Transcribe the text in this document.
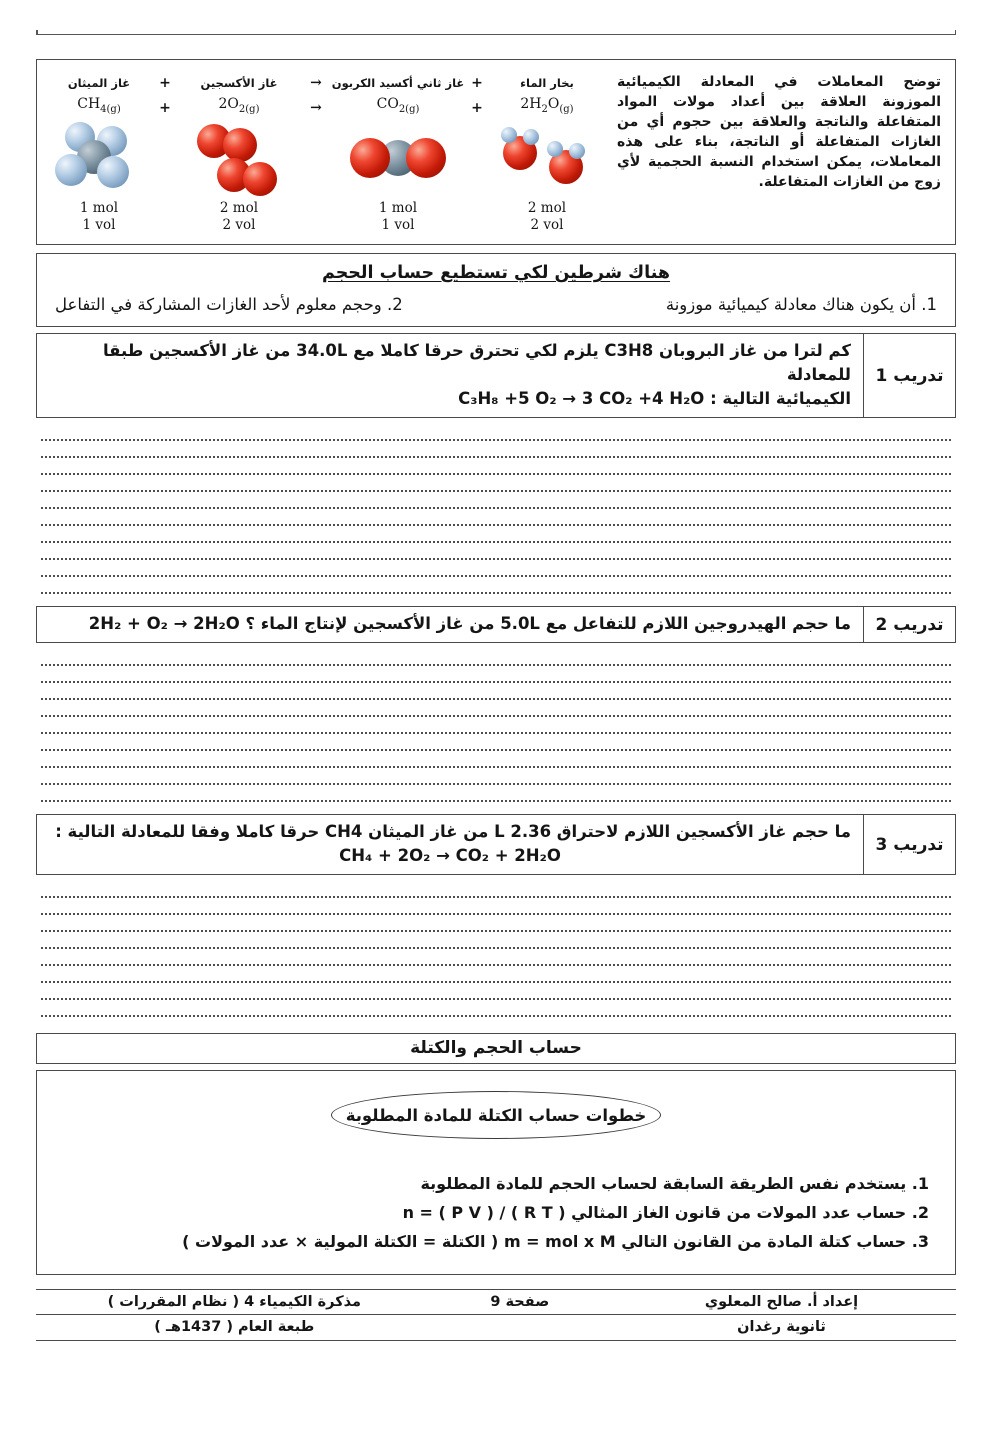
غاز الميثان
$CH_{4(g)}$
1 mol
1 vol
+
+
غاز الأكسجين
$2O_{2(g)}$
2 mol
2 vol
→
→
غاز ثاني أكسيد الكربون
$CO_{2(g)}$
1 mol
1 vol
+
+
بخار الماء
$2H_2O_{(g)}$
2 mol
2 vol
توضح المعاملات في المعادلة الكيميائية الموزونة العلاقة بين أعداد مولات المواد المتفاعلة والناتجة والعلاقة بين حجوم أي من الغازات المتفاعلة أو الناتجة، بناء على هذه المعاملات، يمكن استخدام النسبة الحجمية لأي زوج من الغازات المتفاعلة.
هناك شرطين لكي تستطيع حساب الحجم
1. أن يكون هناك معادلة كيميائية موزونة
2. وحجم معلوم لأحد الغازات المشاركة في التفاعل
تدريب 1
كم لترا من غاز البروبان C3H8 يلزم لكي تحترق حرقا كاملا مع 34.0L من غاز الأكسجين طبقا للمعادلة
الكيميائية التالية : C₃H₈ +5 O₂ → 3 CO₂ +4 H₂O
تدريب 2
ما حجم الهيدروجين اللازم للتفاعل مع 5.0L من غاز الأكسجين لإنتاج الماء ؟ 2H₂ + O₂ → 2H₂O
تدريب 3
ما حجم غاز الأكسجين اللازم لاحتراق 2.36 L من غاز الميثان CH4 حرقا كاملا وفقا للمعادلة التالية :
CH₄ + 2O₂ → CO₂ + 2H₂O
حساب الحجم والكتلة
خطوات حساب الكتلة للمادة المطلوبة
1. يستخدم نفس الطريقة السابقة لحساب الحجم للمادة المطلوبة
2. حساب عدد المولات من قانون الغاز المثالي n = ( P V ) / ( R T )
3. حساب كتلة المادة من القانون التالي m = mol x M ( الكتلة = الكتلة المولية × عدد المولات )
إعداد أ. صالح المعلوي
ثانوية رغدان
صفحة 9
مذكرة الكيمياء 4 ( نظام المقررات )
طبعة العام ( 1437هـ )
